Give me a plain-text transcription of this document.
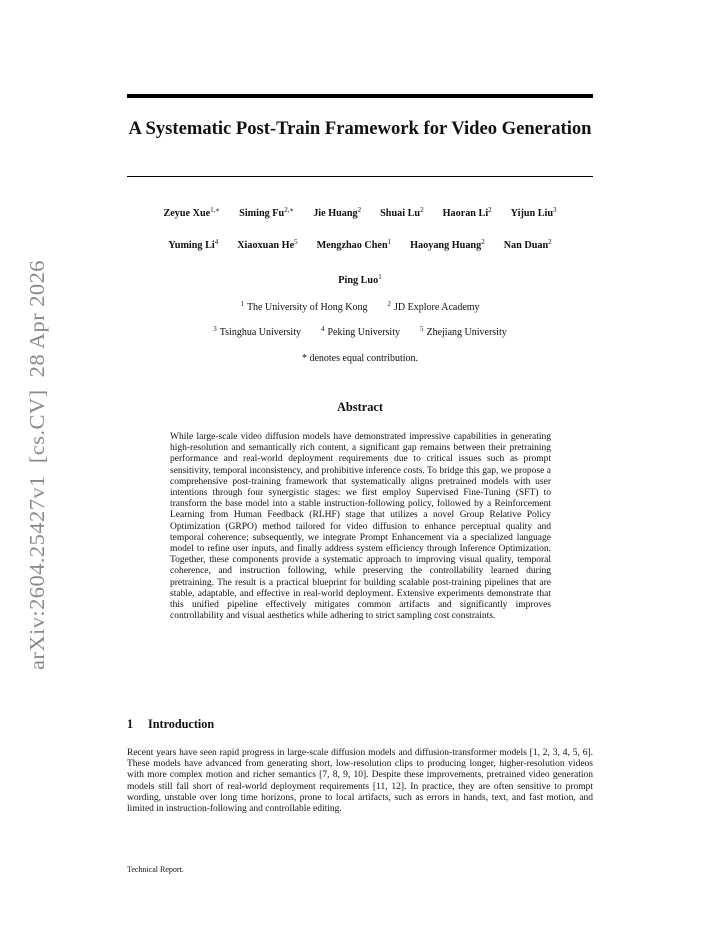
arXiv:2604.25427v1  [cs.CV]  28 Apr 2026
A Systematic Post-Train Framework for Video Generation
Zeyue Xue$^{1,∗}$ Siming $Fu^{2,∗}$ Jie Huang$^2$ Shuai Lu$^2$ Haoran Li$^2$ Yijun Liu$^3$
Yuming Li$^4$ Xiaoxuan He$^5$ Mengzhao Chen$^1$ Haoyang Huang$^2$ Nan Duan$^2$
Ping Luo$^1$
$^1$ The University of Hong Kong	$^2$ JD Explore Academy
$^3$ Tsinghua University	$^4$ Peking University	$^5$ Zhejiang University
* denotes equal contribution.
Abstract

While large-scale video diffusion models have demonstrated impressive capabilities in generating high-resolution and semantically rich content, a significant gap remains between their pretraining performance and real-world deployment requirements due to critical issues such as prompt sensitivity, temporal inconsistency, and prohibitive inference costs. To bridge this gap, we propose a comprehensive post-training framework that systematically aligns pretrained models with user intentions through four synergistic stages: we first employ Supervised Fine-Tuning (SFT) to transform the base model into a stable instruction-following policy, followed by a Reinforcement Learning from Human Feedback (RLHF) stage that utilizes a novel Group Relative Policy Optimization (GRPO) method tailored for video diffusion to enhance perceptual quality and temporal coherence; subsequently, we integrate Prompt Enhancement via a specialized language model to refine user inputs, and finally address system efficiency through Inference Optimization. Together, these components provide a systematic approach to improving visual quality, temporal coherence, and instruction following, while preserving the controllability learned during pretraining. The result is a practical blueprint for building scalable post-training pipelines that are stable, adaptable, and effective in real-world deployment. Extensive experiments demonstrate that this unified pipeline effectively mitigates common artifacts and significantly improves controllability and visual aesthetics while adhering to strict sampling cost constraints.

1 Introduction

Recent years have seen rapid progress in large-scale diffusion models and diffusion-transformer models [1, 2, 3, 4, 5, 6]. These models have advanced from generating short, low-resolution clips to producing longer, higher-resolution videos with more complex motion and richer semantics [7, 8, 9, 10]. Despite these improvements, pretrained video generation models still fall short of real-world deployment requirements [11, 12]. In practice, they are often sensitive to prompt wording, unstable over long time horizons, prone to local artifacts, such as errors in hands, text, and fast motion, and limited in instruction-following and controllable editing.

Technical Report.
